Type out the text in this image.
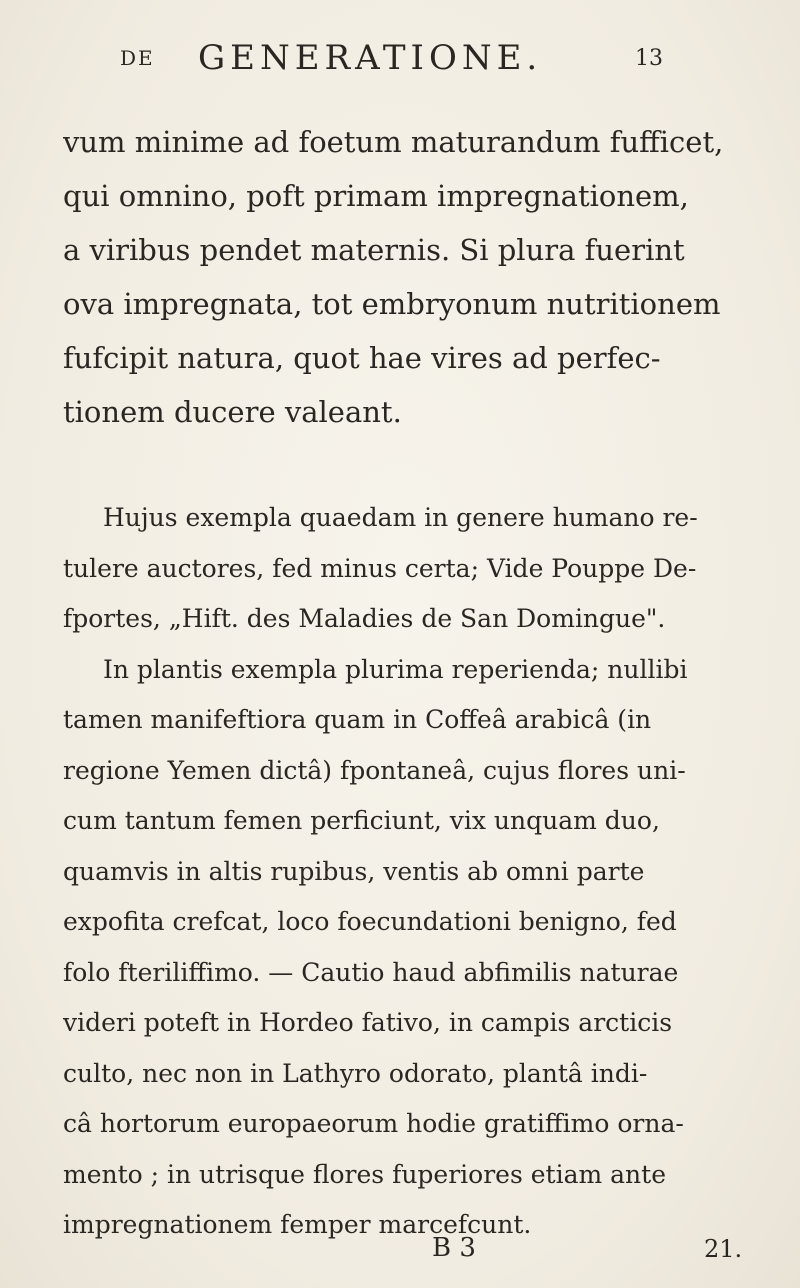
DE GENERATIONE.	13
vum minime ad foetum maturandum fufficet,
qui omnino, poft primam impregnationem,
a viribus pendet maternis. Si plura fuerint
ova impregnata, tot embryonum nutritionem
fufcipit natura, quot hae vires ad perfec-
tionem ducere valeant.
Hujus exempla quaedam in genere humano re-
tulere auctores, fed minus certa; Vide Pouppe De-
fportes, „Hift. des Maladies de San Domingue".
In plantis exempla plurima reperienda; nullibi
tamen manifeftiora quam in Coffeâ arabicâ (in
regione Yemen dictâ) fpontaneâ, cujus flores uni-
cum tantum femen perficiunt, vix unquam duo,
quamvis in altis rupibus, ventis ab omni parte
expofita crefcat, loco foecundationi benigno, fed
folo fteriliffimo. — Cautio haud abfimilis naturae
videri poteft in Hordeo fativo, in campis arcticis
culto, nec non in Lathyro odorato, plantâ indi-
câ hortorum europaeorum hodie gratiffimo orna-
mento ; in utrisque flores fuperiores etiam ante
impregnationem femper marcefcunt.
B 3	21.
